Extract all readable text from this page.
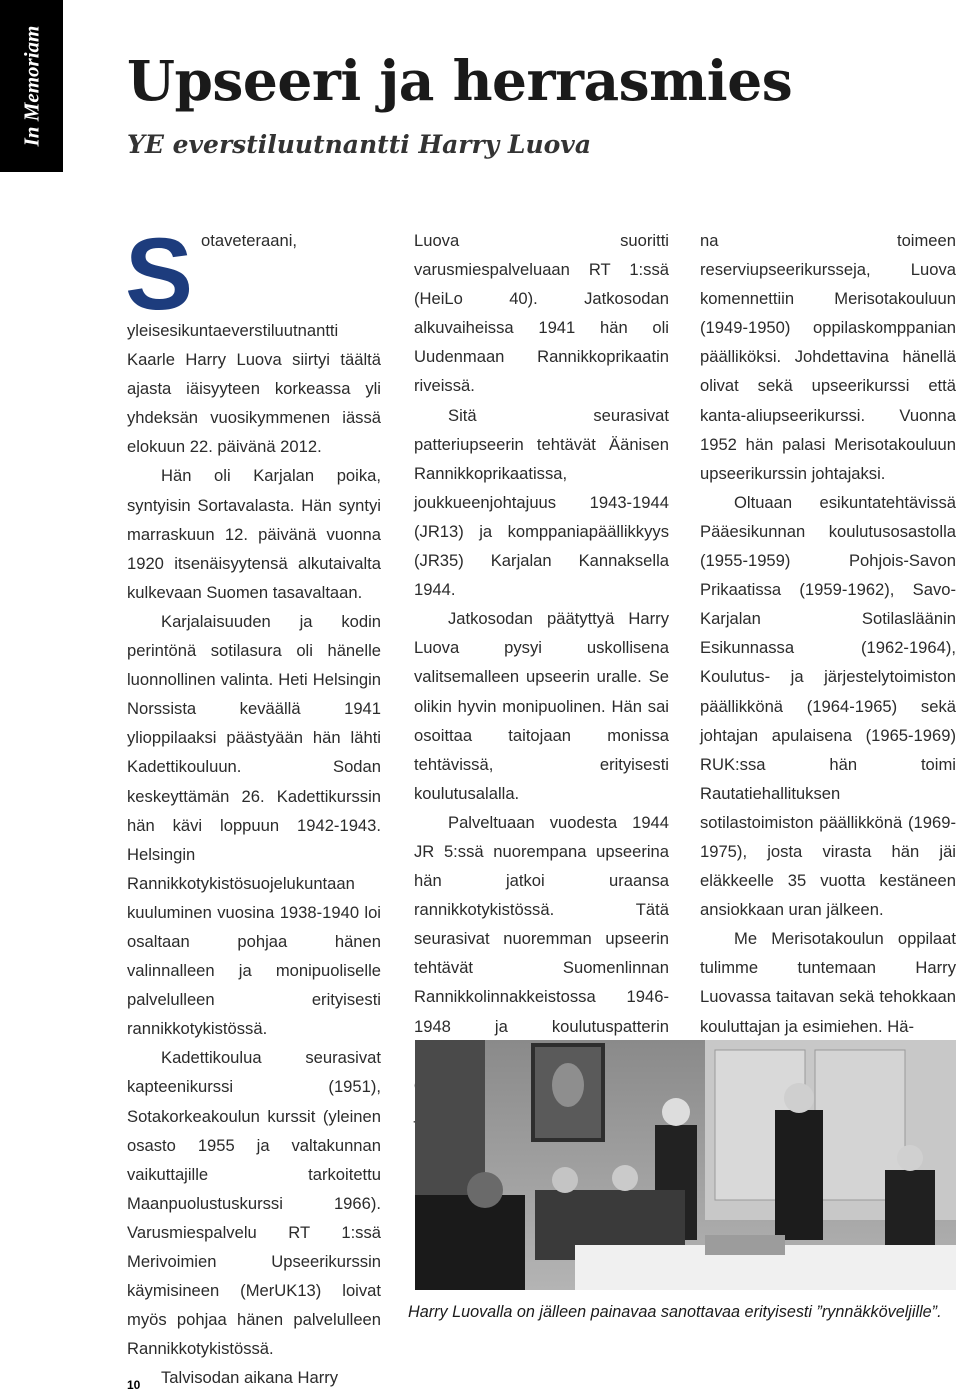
In Memoriam Upseeri ja herrasmies
YE everstiluutnantti Harry Luova

Sotaveteraani, yleisesikuntaeverstiluutnantti Kaarle Harry Luova siirtyi täältä ajasta iäisyyteen korkeassa yli yhdeksän vuosikymmenen iässä elokuun 22. päivänä 2012.

Hän oli Karjalan poika, syntyisin Sortavalasta. Hän syntyi marraskuun 12. päivänä vuonna 1920 itsenäisyytensä alkutaivalta kulkevaan Suomen tasavaltaan.

Karjalaisuuden ja kodin perintönä sotilasura oli hänelle luonnollinen valinta. Heti Helsingin Norssista keväällä 1941 ylioppilaaksi päästyään hän lähti Kadettikouluun. Sodan keskeyttämän 26. Kadettikurssin hän kävi loppuun 1942-1943. Helsingin Rannikkotykistösuojelukuntaan kuuluminen vuosina 1938-1940 loi osaltaan pohjaa hänen valinnalleen ja monipuoliselle palvelulleen erityisesti rannikkotykistössä.

Kadettikoulua seurasivat kapteenikurssi (1951), Sotakorkeakoulun kurssit (yleinen osasto 1955 ja valtakunnan vaikuttajille tarkoitettu Maanpuolustuskurssi 1966). Varusmiespalvelu RT 1:ssä Merivoimien Upseerikurssin käymisineen (MerUK13) loivat myös pohjaa hänen palvelulleen Rannikkotykistössä.

Talvisodan aikana Harry

Luova suoritti varusmiespalveluaan RT 1:ssä (HeiLo 40). Jatkosodan alkuvaiheissa 1941 hän oli Uudenmaan Rannikkoprikaatin riveissä.

Sitä seurasivat patteriupseerin tehtävät Äänisen Rannikkoprikaatissa, joukkueenjohtajuus 1943-1944 (JR13) ja komppaniapäällikkyys (JR35) Karjalan Kannaksella 1944.

Jatkosodan päätyttyä Harry Luova pysyi uskollisena valitsemalleen upseerin uralle. Se olikin hyvin monipuolinen. Hän sai osoittaa taitojaan monissa tehtävissä, erityisesti koulutusalalla.

Palveltuaan vuodesta 1944 JR 5:ssä nuorempana upseerina hän jatkoi uraansa rannikkotykistössä. Tätä seurasivat nuoremman upseerin tehtävät Suomenlinnan Rannikkolinnakkeistossa 1946-1948 ja koulutuspatterin

na toimeen reserviupseerikursseja, Luova komennettiin Merisotakouluun (1949-1950) oppilaskomppanian päälliköksi. Johdettavina hänellä olivat sekä upseerikurssi että kanta-aliupseerikurssi. Vuonna 1952 hän palasi Merisotakouluun upseerikurssin johtajaksi.

Oltuaan esikuntatehtävissä Pääesikunnan koulutusosastolla (1955-1959) Pohjois-Savon Prikaatissa (1959-1962), Savo-Karjalan Sotilasläänin Esikunnassa (1962-1964), Koulutus- ja järjestelytoimiston päällikkönä (1964-1965) sekä johtajan apulaisena (1965-1969) RUK:ssa hän toimi Rautatiehallituksen sotilastoimiston päällikkönä (1969-1975), josta virasta hän jäi eläkkeelle 35 vuotta kestäneen ansiokkaan uran jälkeen.

Me Merisotakoulun oppilaat tulimme tuntemaan Harry Luovassa taitavan sekä tehokkaan kouluttajan ja esimiehen. Hä-

Harry Luovalla on jälleen painavaa sanottavaa erityisesti ”rynnäkköveljille”.
10
